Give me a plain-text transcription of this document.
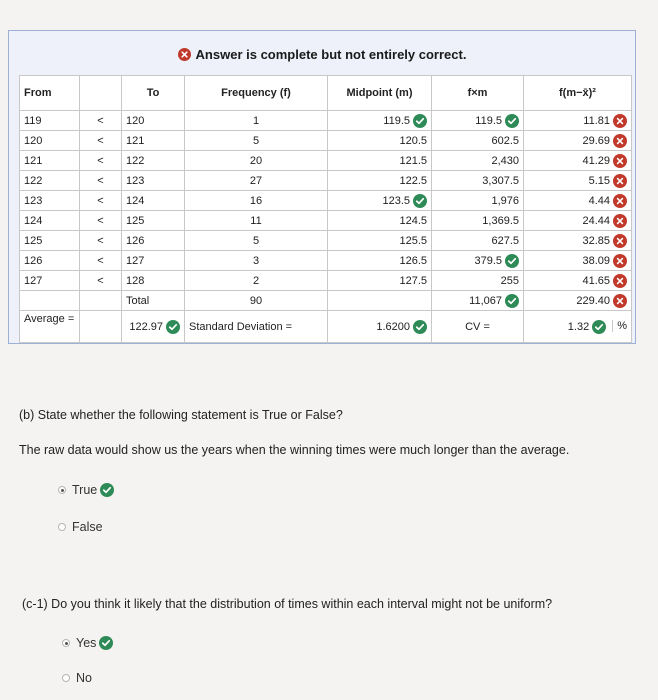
Answer is complete but not entirely correct.
From		To	Frequency (f)	Midpoint (m)	f×m	f(m−x̄)²
119	<	120	1	119.5	119.5	11.81

120	<	121	5	120.5	602.5	29.69

121	<	122	20	121.5	2,430	41.29

122	<	123	27	122.5	3,307.5	5.15

123	<	124	16	123.5	1,976	4.44

124	<	125	11	124.5	1,369.5	24.44

125	<	126	5	125.5	627.5	32.85

126	<	127	3	126.5	379.5	38.09

127	<	128	2	127.5	255	41.65

		Total	90		11,067	229.40

Average =		122.97	Standard Deviation =	1.6200	CV =	1.32 %
(b) State whether the following statement is True or False?
The raw data would show us the years when the winning times were much longer than the average.
True
False
(c-1) Do you think it likely that the distribution of times within each interval might not be uniform?
Yes
No
